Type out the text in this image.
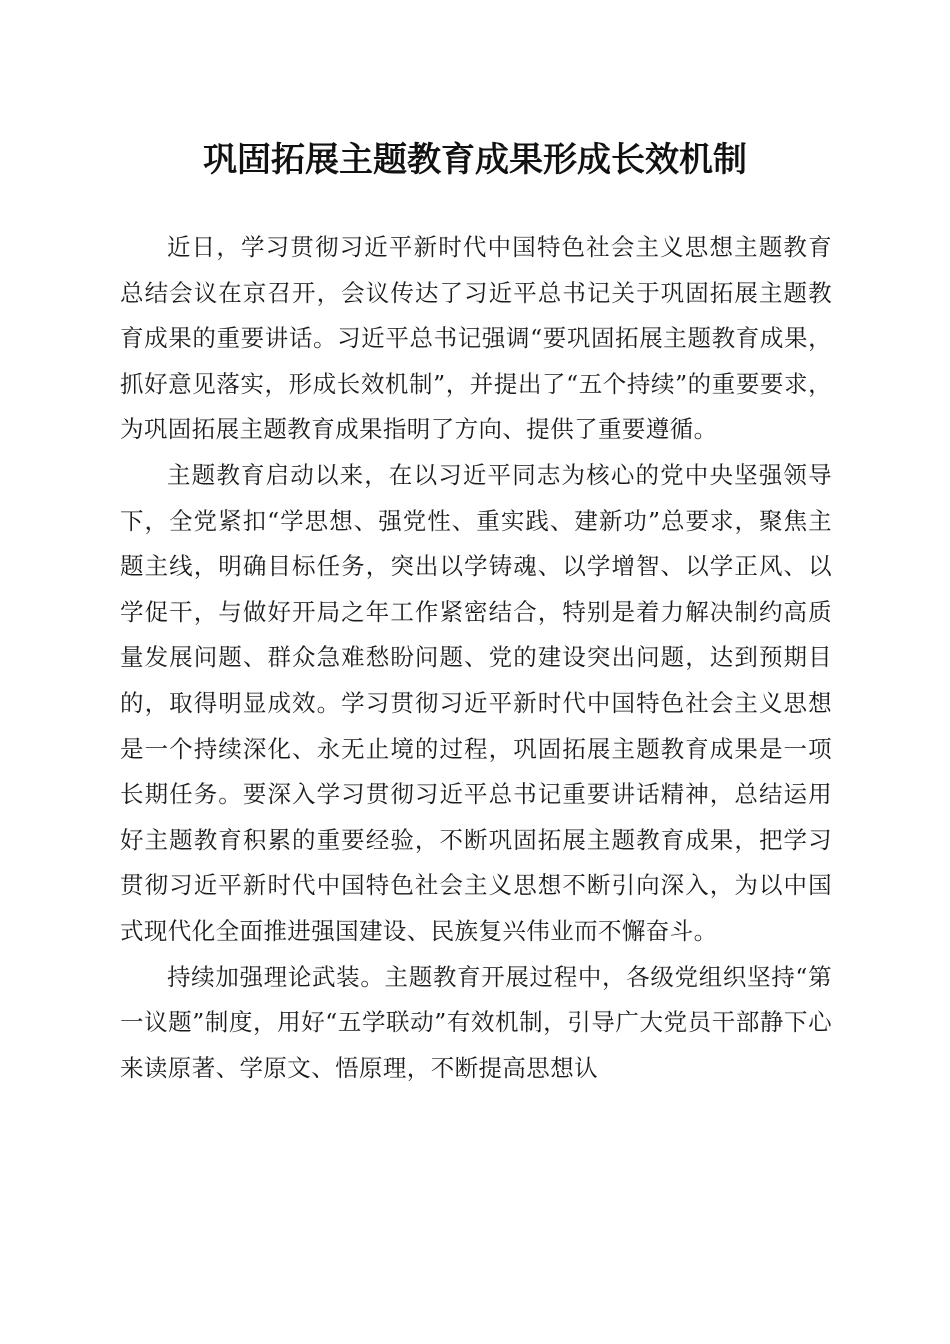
巩固拓展主题教育成果形成长效机制

近日，学习贯彻习近平新时代中国特色社会主义思想主题教育总结会议在京召开，会议传达了习近平总书记关于巩固拓展主题教育成果的重要讲话。习近平总书记强调“要巩固拓展主题教育成果，抓好意见落实，形成长效机制”，并提出了“五个持续”的重要要求，为巩固拓展主题教育成果指明了方向、提供了重要遵循。

主题教育启动以来，在以习近平同志为核心的党中央坚强领导下，全党紧扣“学思想、强党性、重实践、建新功”总要求，聚焦主题主线，明确目标任务，突出以学铸魂、以学增智、以学正风、以学促干，与做好开局之年工作紧密结合，特别是着力解决制约高质量发展问题、群众急难愁盼问题、党的建设突出问题，达到预期目的，取得明显成效。学习贯彻习近平新时代中国特色社会主义思想是一个持续深化、永无止境的过程，巩固拓展主题教育成果是一项长期任务。要深入学习贯彻习近平总书记重要讲话精神，总结运用好主题教育积累的重要经验，不断巩固拓展主题教育成果，把学习贯彻习近平新时代中国特色社会主义思想不断引向深入，为以中国式现代化全面推进强国建设、民族复兴伟业而不懈奋斗。

持续加强理论武装。主题教育开展过程中，各级党组织坚持“第一议题”制度，用好“五学联动”有效机制，引导广大党员干部静下心来读原著、学原文、悟原理，不断提高思想认
